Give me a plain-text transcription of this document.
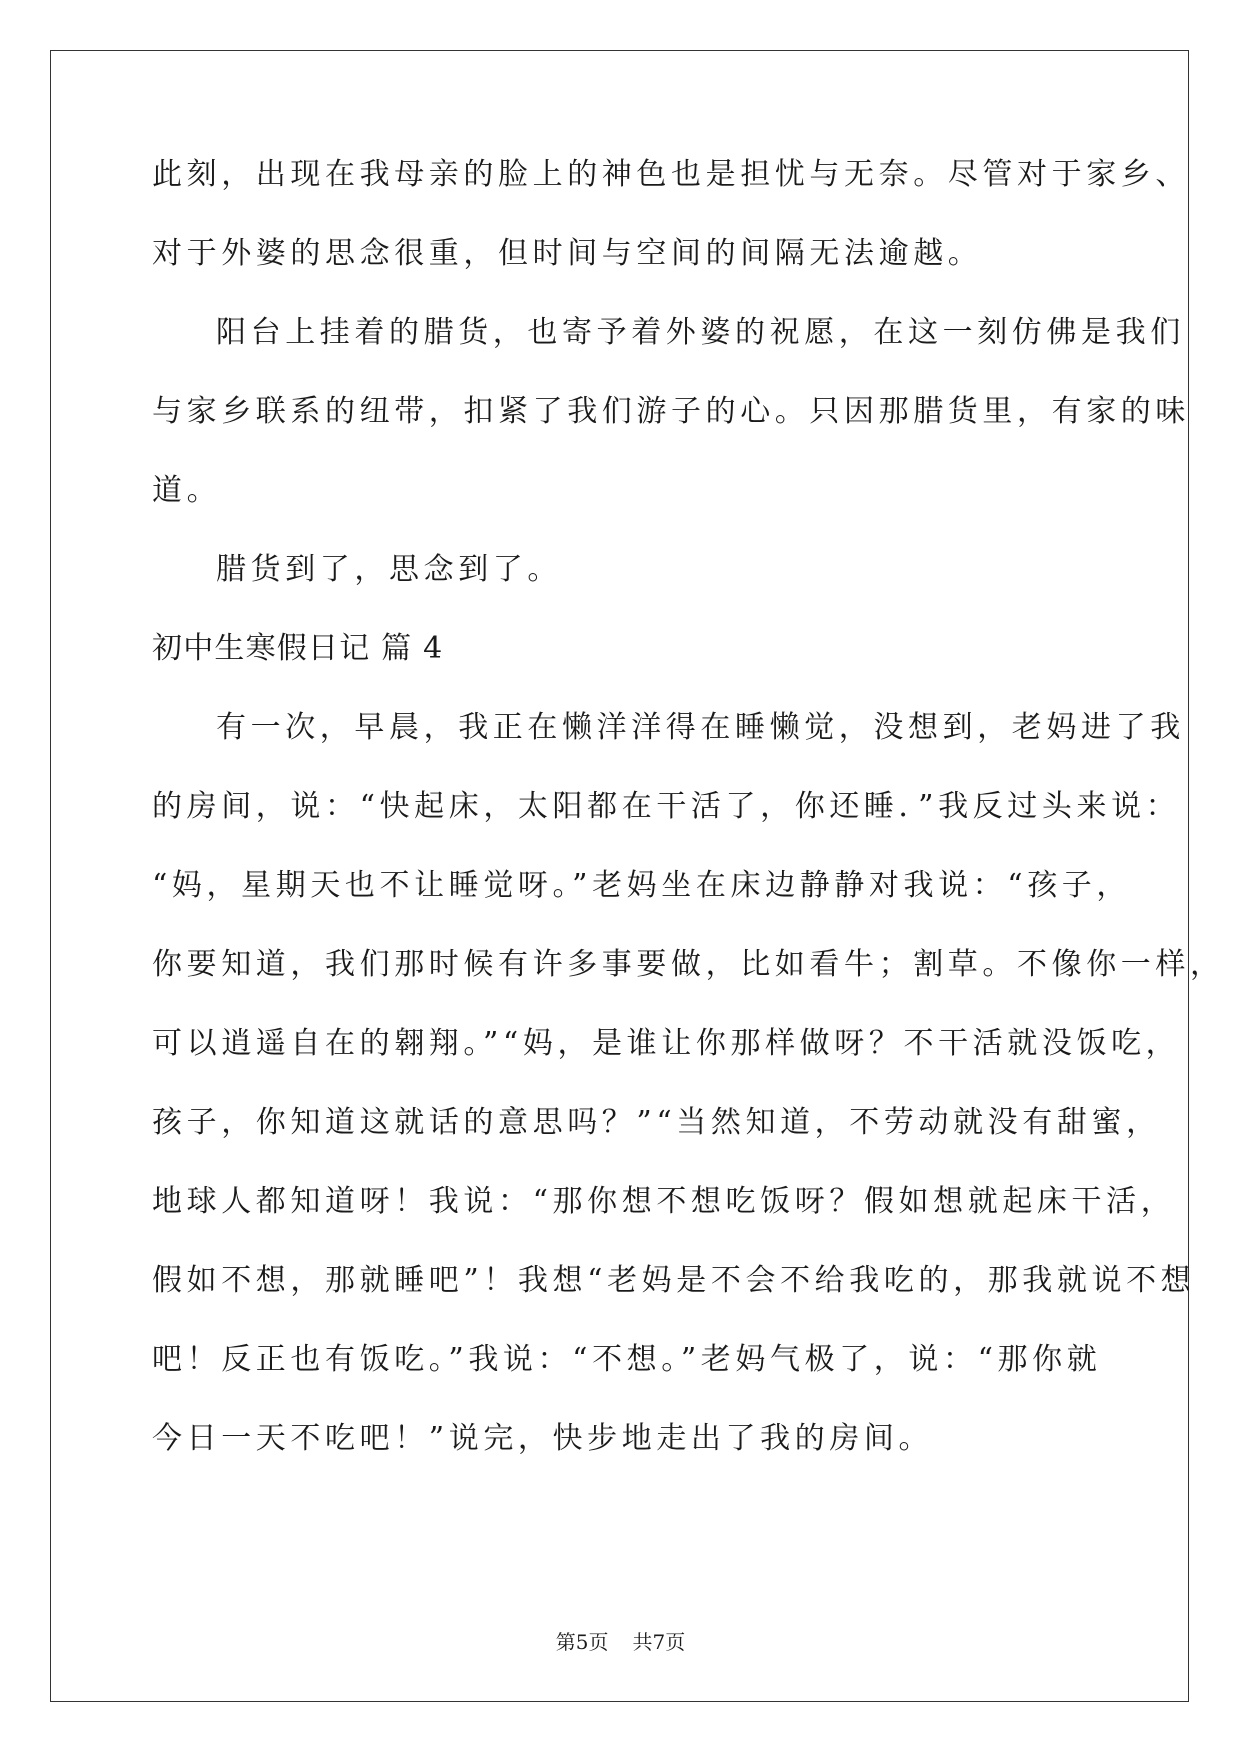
此刻，出现在我母亲的脸上的神色也是担忧与无奈。尽管对于家乡、
对于外婆的思念很重，但时间与空间的间隔无法逾越。
阳台上挂着的腊货，也寄予着外婆的祝愿，在这一刻仿佛是我们
与家乡联系的纽带，扣紧了我们游子的心。只因那腊货里，有家的味
道。
腊货到了，思念到了。
初中生寒假日记 篇 4
有一次，早晨，我正在懒洋洋得在睡懒觉，没想到，老妈进了我
的房间，说：“快起床，太阳都在干活了，你还睡．”我反过头来说：
“妈，星期天也不让睡觉呀。”老妈坐在床边静静对我说：“孩子，
你要知道，我们那时候有许多事要做，比如看牛；割草。不像你一样，
可以逍遥自在的翱翔。”“妈，是谁让你那样做呀？不干活就没饭吃，
孩子，你知道这就话的意思吗？”“当然知道，不劳动就没有甜蜜，
地球人都知道呀！我说：“那你想不想吃饭呀？假如想就起床干活，
假如不想，那就睡吧”！我想“老妈是不会不给我吃的，那我就说不想
吧！反正也有饭吃。”我说：“不想。”老妈气极了，说：“那你就
今日一天不吃吧！”说完，快步地走出了我的房间。
第5页 共7页
